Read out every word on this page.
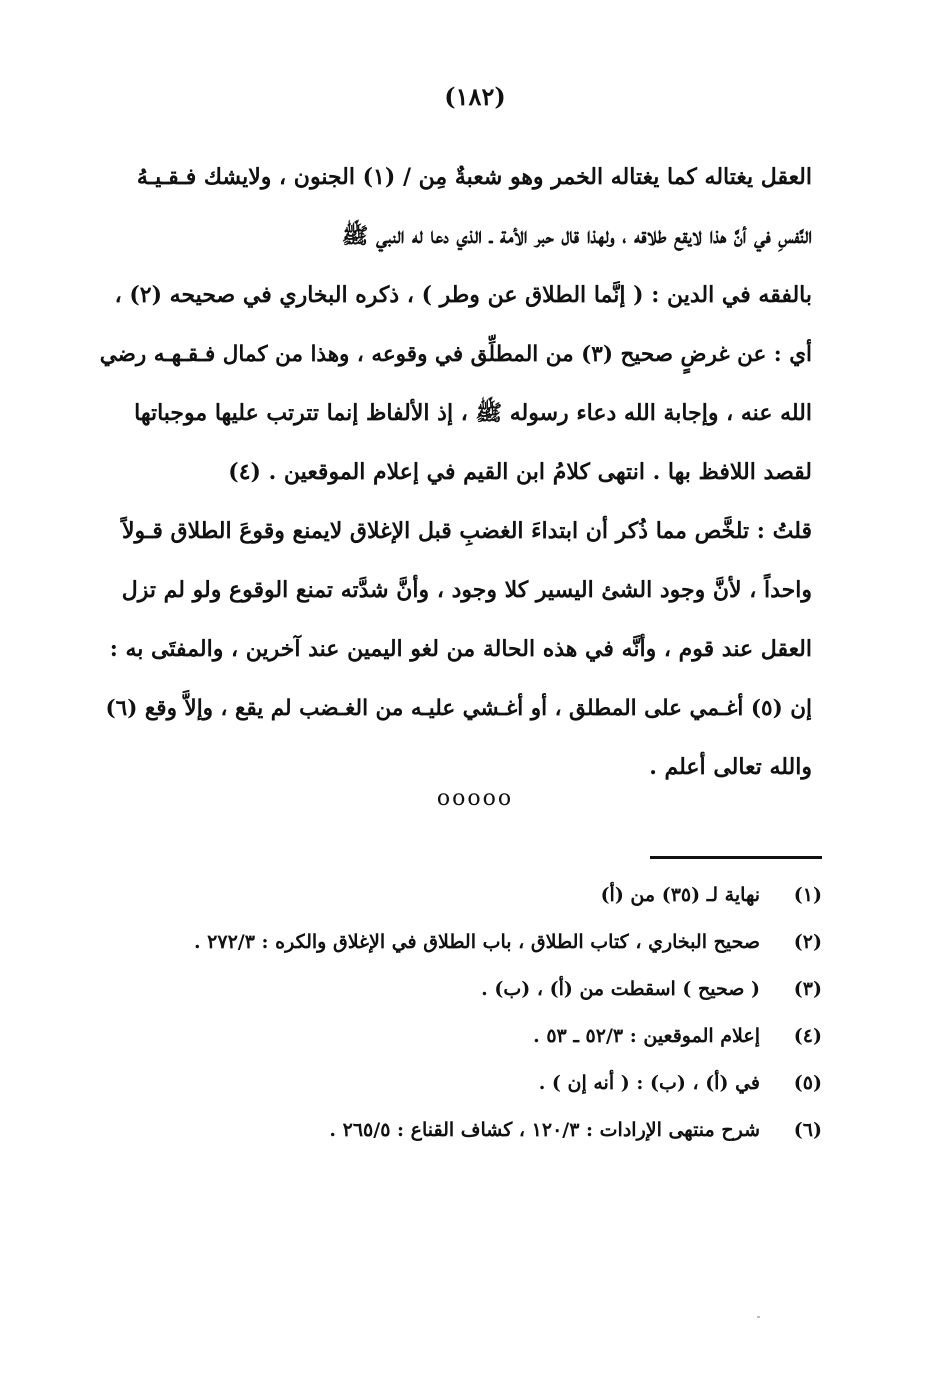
(١٨٢)
العقل يغتاله كما يغتاله الخمر وهو شعبةٌ مِن / (١) الجنون ، ولايشك فـقـيـهُ
النَّفسِ في أنَّ هذا لايقع طلاقه ، ولهذا قال حبر الأمة ـ الذي دعا له النبي ﷺ
بالفقه في الدين : ( إنَّما الطلاق عن وطر ) ، ذكره البخاري في صحيحه (٢) ،
أي : عن غرضٍ صحيح (٣) من المطلِّق في وقوعه ، وهذا من كمال فـقـهـه رضي
الله عنه ، وإجابة الله دعاء رسوله ﷺ ، إذ الألفاظ إنما تترتب عليها موجباتها
لقصد اللافظ بها . انتهى كلامُ ابن القيم في إعلام الموقعين . (٤)
قلتُ : تلخَّص مما ذُكر أن ابتداءَ الغضبِ قبل الإغلاق لايمنع وقوعَ الطلاق قـولاً
واحداً ، لأنَّ وجود الشئ اليسير كلا وجود ، وأنَّ شدَّته تمنع الوقوع ولو لم تزل
العقل عند قوم ، وأنَّه في هذه الحالة من لغو اليمين عند آخرين ، والمفتَى به :
إن (٥) أغـمي على المطلق ، أو أغـشي عليـه من الغـضب لم يقع ، وإلاَّ وقع (٦)
والله تعالى أعلم .
ooooo
(١)
نهاية لـ (٣٥) من (أ)
(٢)
صحيح البخاري ، كتاب الطلاق ، باب الطلاق في الإغلاق والكره : ٢٧٢/٣ .
(٣)
( صحيح ) اسقطت من (أ) ، (ب) .
(٤)
إعلام الموقعين : ٥٢/٣ ـ ٥٣ .
(٥)
في (أ) ، (ب) : ( أنه إن ) .
(٦)
شرح منتهى الإرادات : ١٢٠/٣ ، كشاف القناع : ٢٦٥/٥ .
